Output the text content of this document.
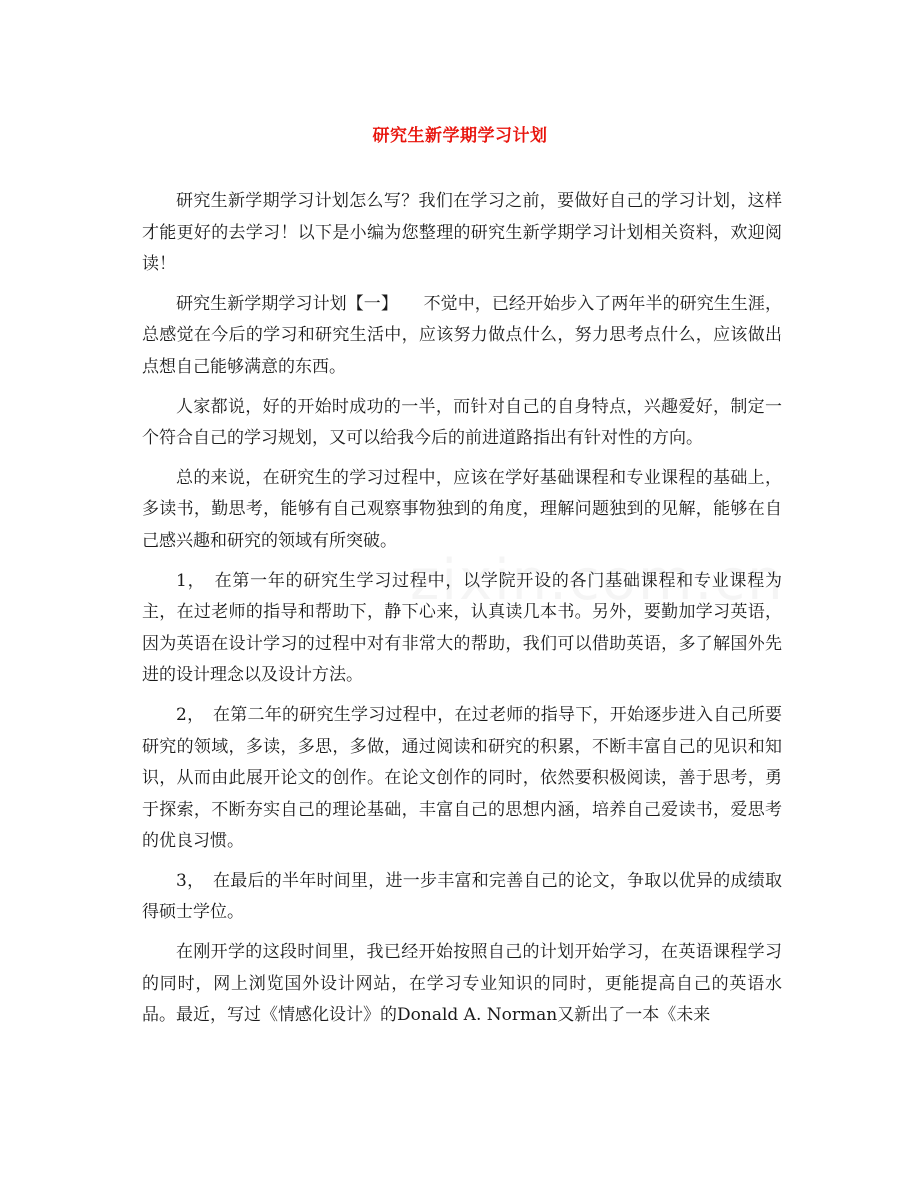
研究生新学期学习计划

研究生新学期学习计划怎么写？我们在学习之前，要做好自己的学习计划，这样才能更好的去学习！以下是小编为您整理的研究生新学期学习计划相关资料，欢迎阅读！

研究生新学期学习计划【一】　　不觉中，已经开始步入了两年半的研究生生涯，总感觉在今后的学习和研究生活中，应该努力做点什么，努力思考点什么，应该做出点想自己能够满意的东西。

人家都说，好的开始时成功的一半，而针对自己的自身特点，兴趣爱好，制定一个符合自己的学习规划，又可以给我今后的前进道路指出有针对性的方向。

总的来说，在研究生的学习过程中，应该在学好基础课程和专业课程的基础上，多读书，勤思考，能够有自己观察事物独到的角度，理解问题独到的见解，能够在自己感兴趣和研究的领域有所突破。

1，　在第一年的研究生学习过程中，以学院开设的各门基础课程和专业课程为主，在过老师的指导和帮助下，静下心来，认真读几本书。另外，要勤加学习英语，因为英语在设计学习的过程中对有非常大的帮助，我们可以借助英语，多了解国外先进的设计理念以及设计方法。

2，　在第二年的研究生学习过程中，在过老师的指导下，开始逐步进入自己所要研究的领域，多读，多思，多做，通过阅读和研究的积累，不断丰富自己的见识和知识，从而由此展开论文的创作。在论文创作的同时，依然要积极阅读，善于思考，勇于探索，不断夯实自己的理论基础，丰富自己的思想内涵，培养自己爱读书，爱思考的优良习惯。

3，　在最后的半年时间里，进一步丰富和完善自己的论文，争取以优异的成绩取得硕士学位。

在刚开学的这段时间里，我已经开始按照自己的计划开始学习，在英语课程学习的同时，网上浏览国外设计网站，在学习专业知识的同时，更能提高自己的英语水品。最近，写过《情感化设计》的Donald A. Norman又新出了一本《未来
